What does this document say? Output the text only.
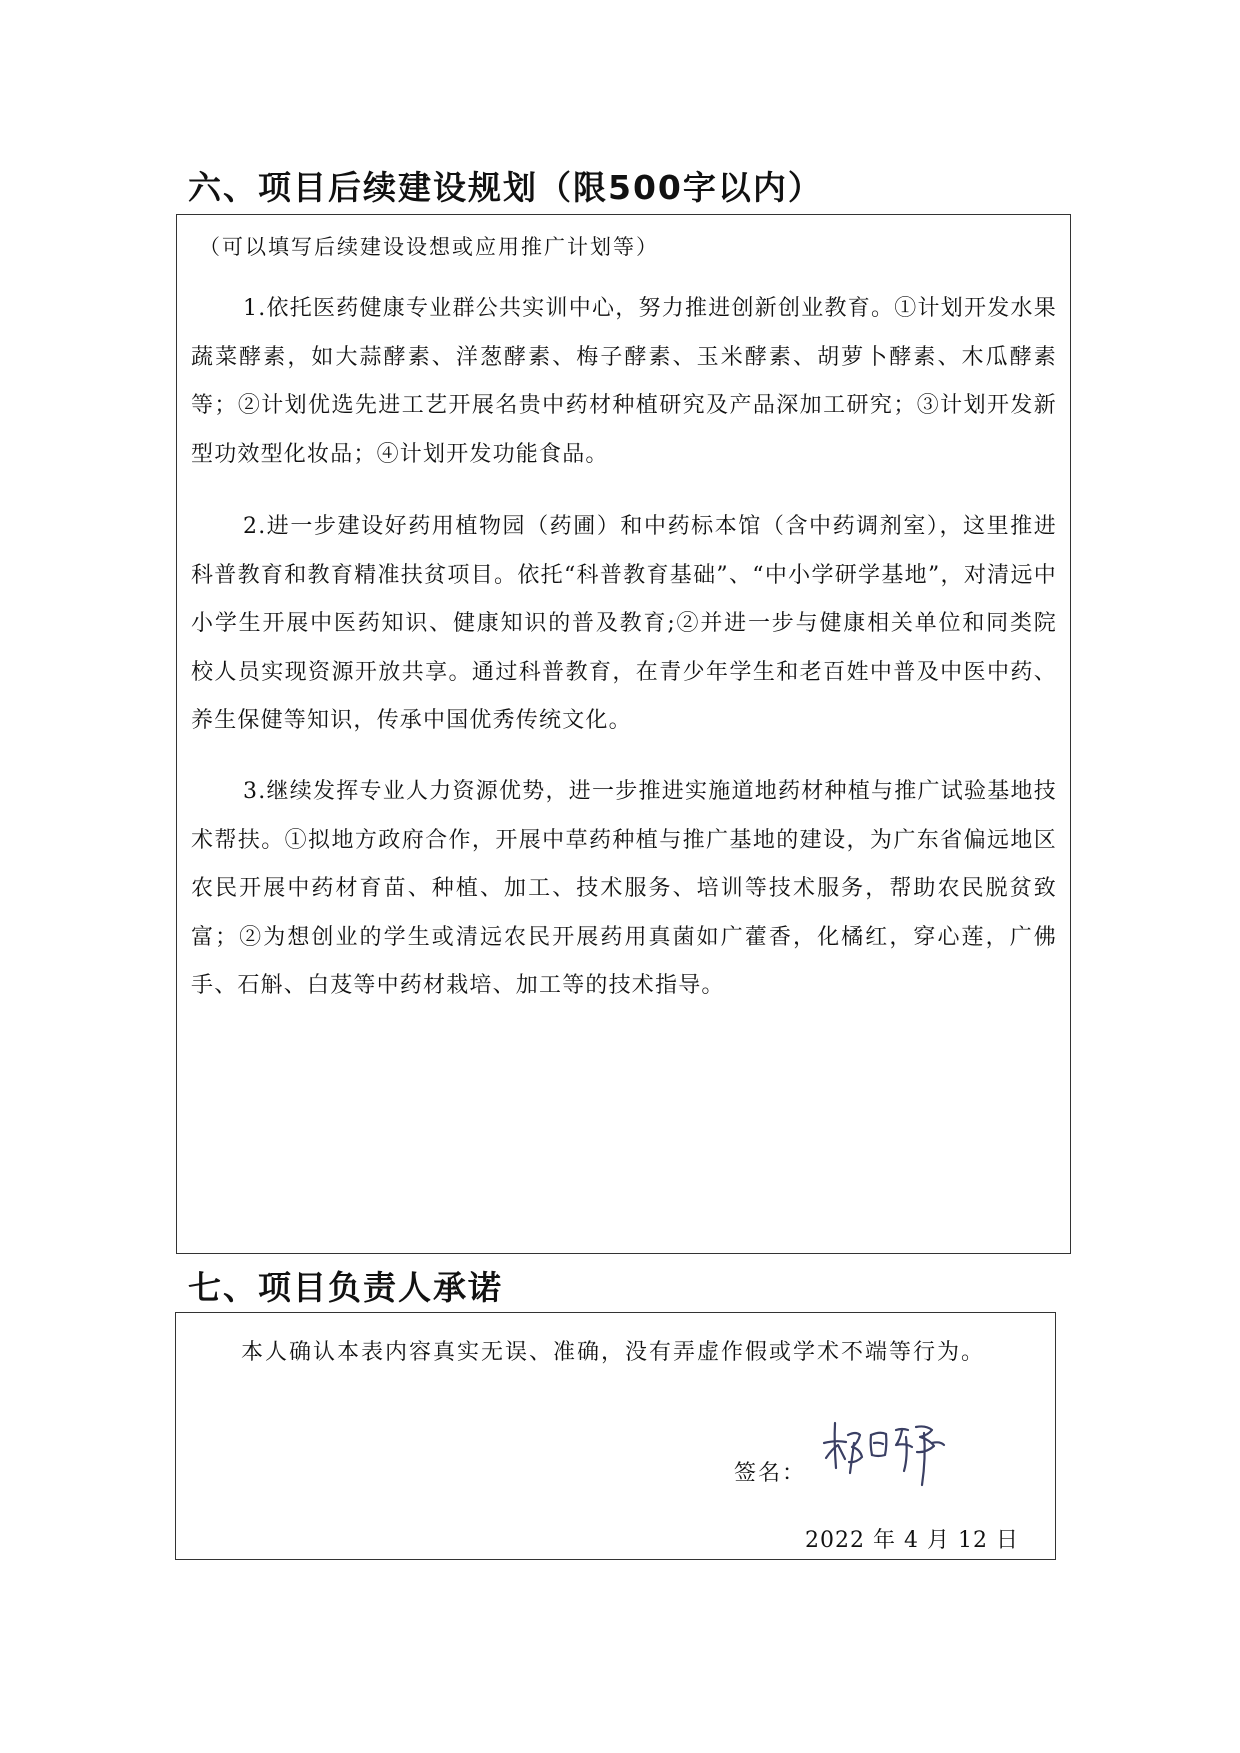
六、项目后续建设规划（限500字以内）
（可以填写后续建设设想或应用推广计划等）
1.依托医药健康专业群公共实训中心，努力推进创新创业教育。①计划开发水果蔬菜酵素，如大蒜酵素、洋葱酵素、梅子酵素、玉米酵素、胡萝卜酵素、木瓜酵素等；②计划优选先进工艺开展名贵中药材种植研究及产品深加工研究；③计划开发新型功效型化妆品；④计划开发功能食品。
2.进一步建设好药用植物园（药圃）和中药标本馆（含中药调剂室），这里推进科普教育和教育精准扶贫项目。依托“科普教育基础”、“中小学研学基地”，对清远中小学生开展中医药知识、健康知识的普及教育;②并进一步与健康相关单位和同类院校人员实现资源开放共享。通过科普教育，在青少年学生和老百姓中普及中医中药、养生保健等知识，传承中国优秀传统文化。
3.继续发挥专业人力资源优势，进一步推进实施道地药材种植与推广试验基地技术帮扶。①拟地方政府合作，开展中草药种植与推广基地的建设，为广东省偏远地区农民开展中药材育苗、种植、加工、技术服务、培训等技术服务，帮助农民脱贫致富；②为想创业的学生或清远农民开展药用真菌如广藿香，化橘红，穿心莲，广佛手、石斛、白芨等中药材栽培、加工等的技术指导。
七、项目负责人承诺
本人确认本表内容真实无误、准确，没有弄虚作假或学术不端等行为。
签名：
2022 年 4 月 12 日
